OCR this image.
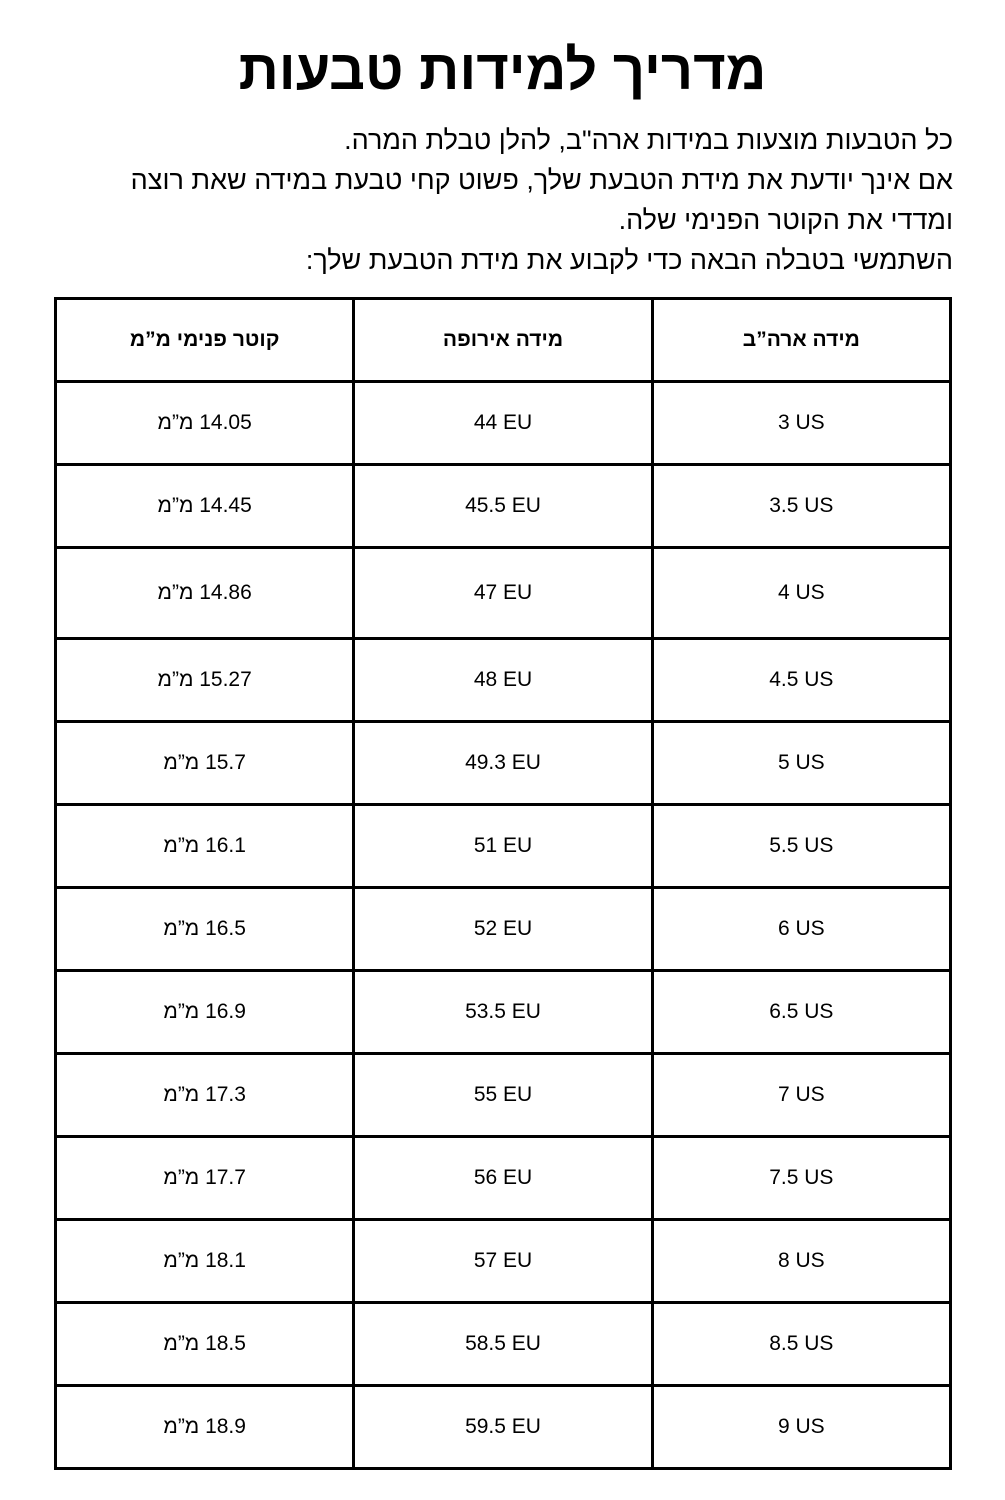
מדריך למידות טבעות

כל הטבעות מוצעות במידות ארה"ב, להלן טבלת המרה.

אם אינך יודעת את מידת הטבעת שלך, פשוט קחי טבעת במידה שאת רוצה

ומדדי את הקוטר הפנימי שלה.

השתמשי בטבלה הבאה כדי לקבוע את מידת הטבעת שלך:

מידה ארה”ב	מידה אירופה	קוטר פנימי מ”מ
3 US	44 EU	14.05 מ”מ
3.5 US	45.5 EU	14.45 מ”מ
4 US	47 EU	14.86 מ”מ
4.5 US	48 EU	15.27 מ”מ
5 US	49.3 EU	15.7 מ”מ
5.5 US	51 EU	16.1 מ”מ
6 US	52 EU	16.5 מ”מ
6.5 US	53.5 EU	16.9 מ”מ
7 US	55 EU	17.3 מ”מ
7.5 US	56 EU	17.7 מ”מ
8 US	57 EU	18.1 מ”מ
8.5 US	58.5 EU	18.5 מ”מ
9 US	59.5 EU	18.9 מ”מ
